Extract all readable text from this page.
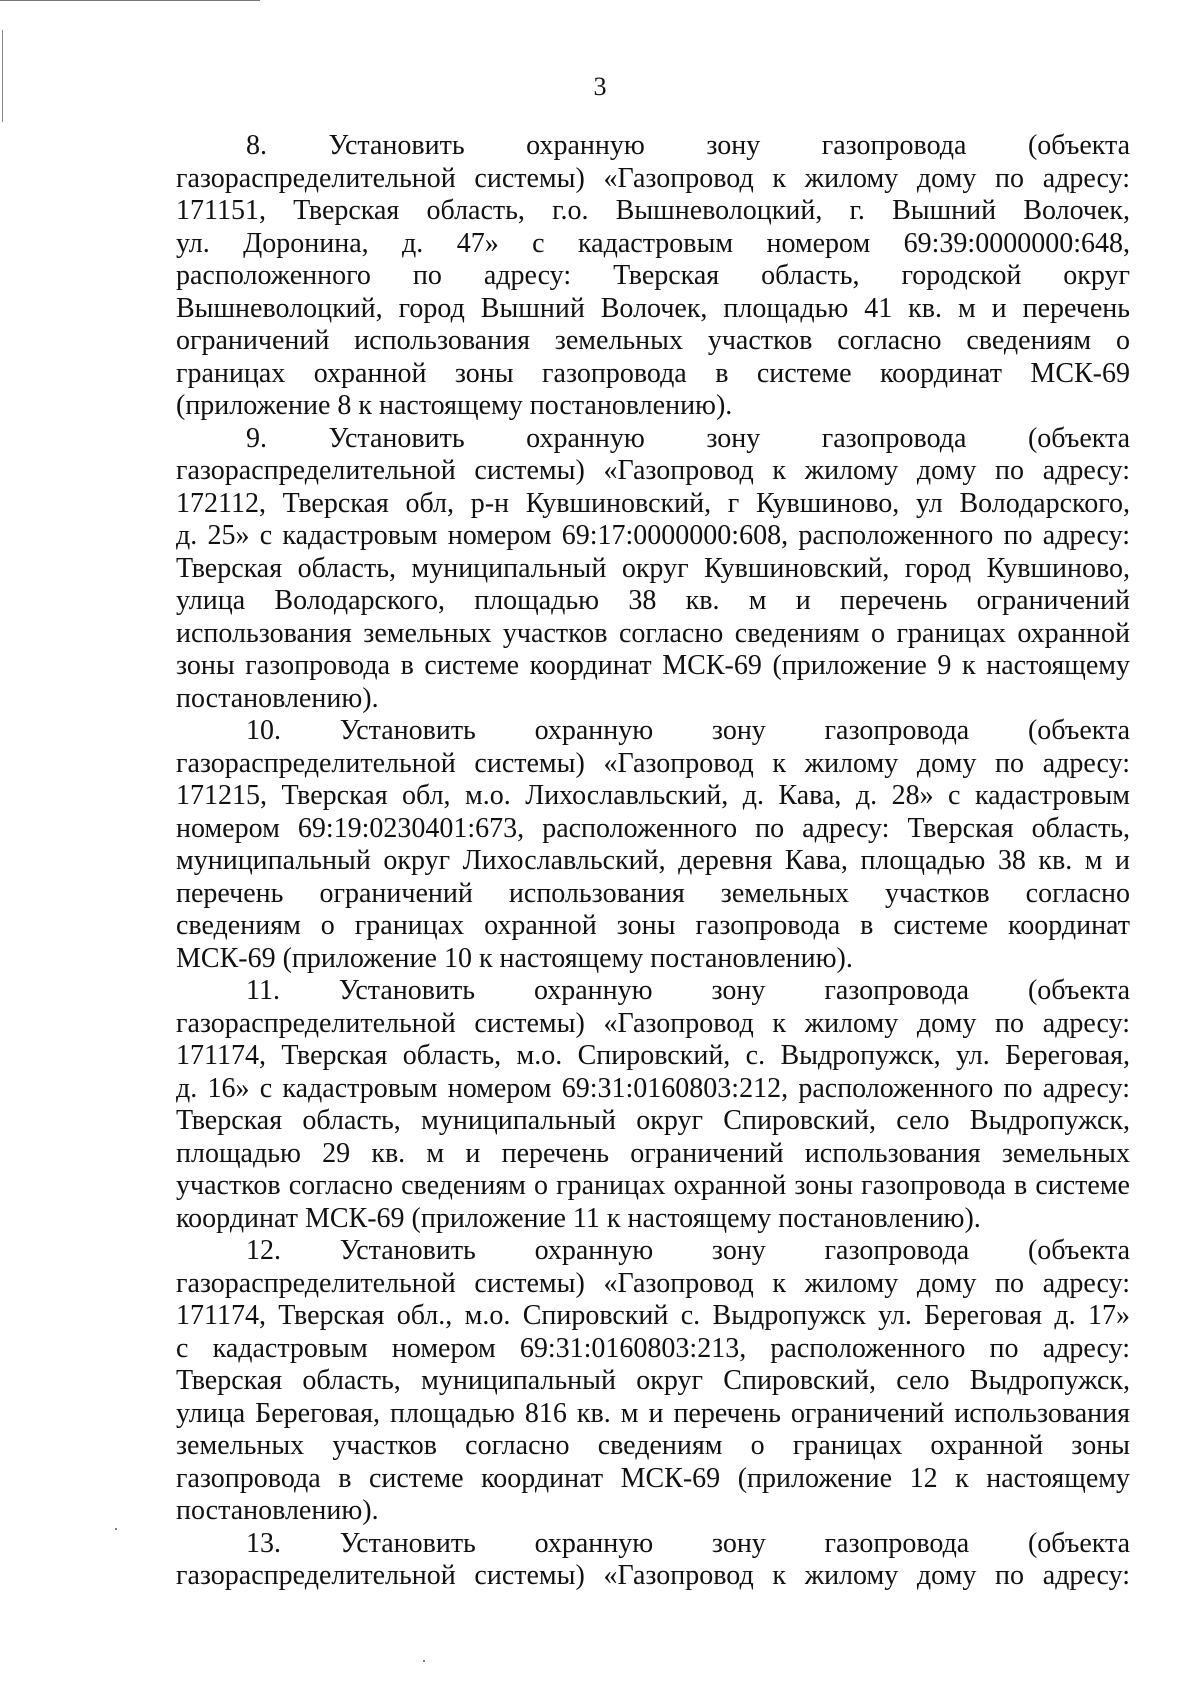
3

8. Установить охранную зону газопровода (объекта
газораспределительной системы) «Газопровод к жилому дому по адресу:
171151, Тверская область, г.о. Вышневолоцкий, г. Вышний Волочек,
ул. Доронина, д. 47» с кадастровым номером 69:39:0000000:648,
расположенного по адресу: Тверская область, городской округ
Вышневолоцкий, город Вышний Волочек, площадью 41 кв. м и перечень
ограничений использования земельных участков согласно сведениям о
границах охранной зоны газопровода в системе координат МСК-69
(приложение 8 к настоящему постановлению).

9. Установить охранную зону газопровода (объекта
газораспределительной системы) «Газопровод к жилому дому по адресу:
172112, Тверская обл, р-н Кувшиновский, г Кувшиново, ул Володарского,
д. 25» с кадастровым номером 69:17:0000000:608, расположенного по адресу:
Тверская область, муниципальный округ Кувшиновский, город Кувшиново,
улица Володарского, площадью 38 кв. м и перечень ограничений
использования земельных участков согласно сведениям о границах охранной
зоны газопровода в системе координат МСК-69 (приложение 9 к настоящему
постановлению).

10. Установить охранную зону газопровода (объекта
газораспределительной системы) «Газопровод к жилому дому по адресу:
171215, Тверская обл, м.о. Лихославльский, д. Кава, д. 28» с кадастровым
номером 69:19:0230401:673, расположенного по адресу: Тверская область,
муниципальный округ Лихославльский, деревня Кава, площадью 38 кв. м и
перечень ограничений использования земельных участков согласно
сведениям о границах охранной зоны газопровода в системе координат
МСК-69 (приложение 10 к настоящему постановлению).

11. Установить охранную зону газопровода (объекта
газораспределительной системы) «Газопровод к жилому дому по адресу:
171174, Тверская область, м.о. Спировский, с. Выдропужск, ул. Береговая,
д. 16» с кадастровым номером 69:31:0160803:212, расположенного по адресу:
Тверская область, муниципальный округ Спировский, село Выдропужск,
площадью 29 кв. м и перечень ограничений использования земельных
участков согласно сведениям о границах охранной зоны газопровода в системе
координат МСК-69 (приложение 11 к настоящему постановлению).

12. Установить охранную зону газопровода (объекта
газораспределительной системы) «Газопровод к жилому дому по адресу:
171174, Тверская обл., м.о. Спировский с. Выдропужск ул. Береговая д. 17»
с кадастровым номером 69:31:0160803:213, расположенного по адресу:
Тверская область, муниципальный округ Спировский, село Выдропужск,
улица Береговая, площадью 816 кв. м и перечень ограничений использования
земельных участков согласно сведениям о границах охранной зоны
газопровода в системе координат МСК-69 (приложение 12 к настоящему
постановлению).

13. Установить охранную зону газопровода (объекта
газораспределительной системы) «Газопровод к жилому дому по адресу:
